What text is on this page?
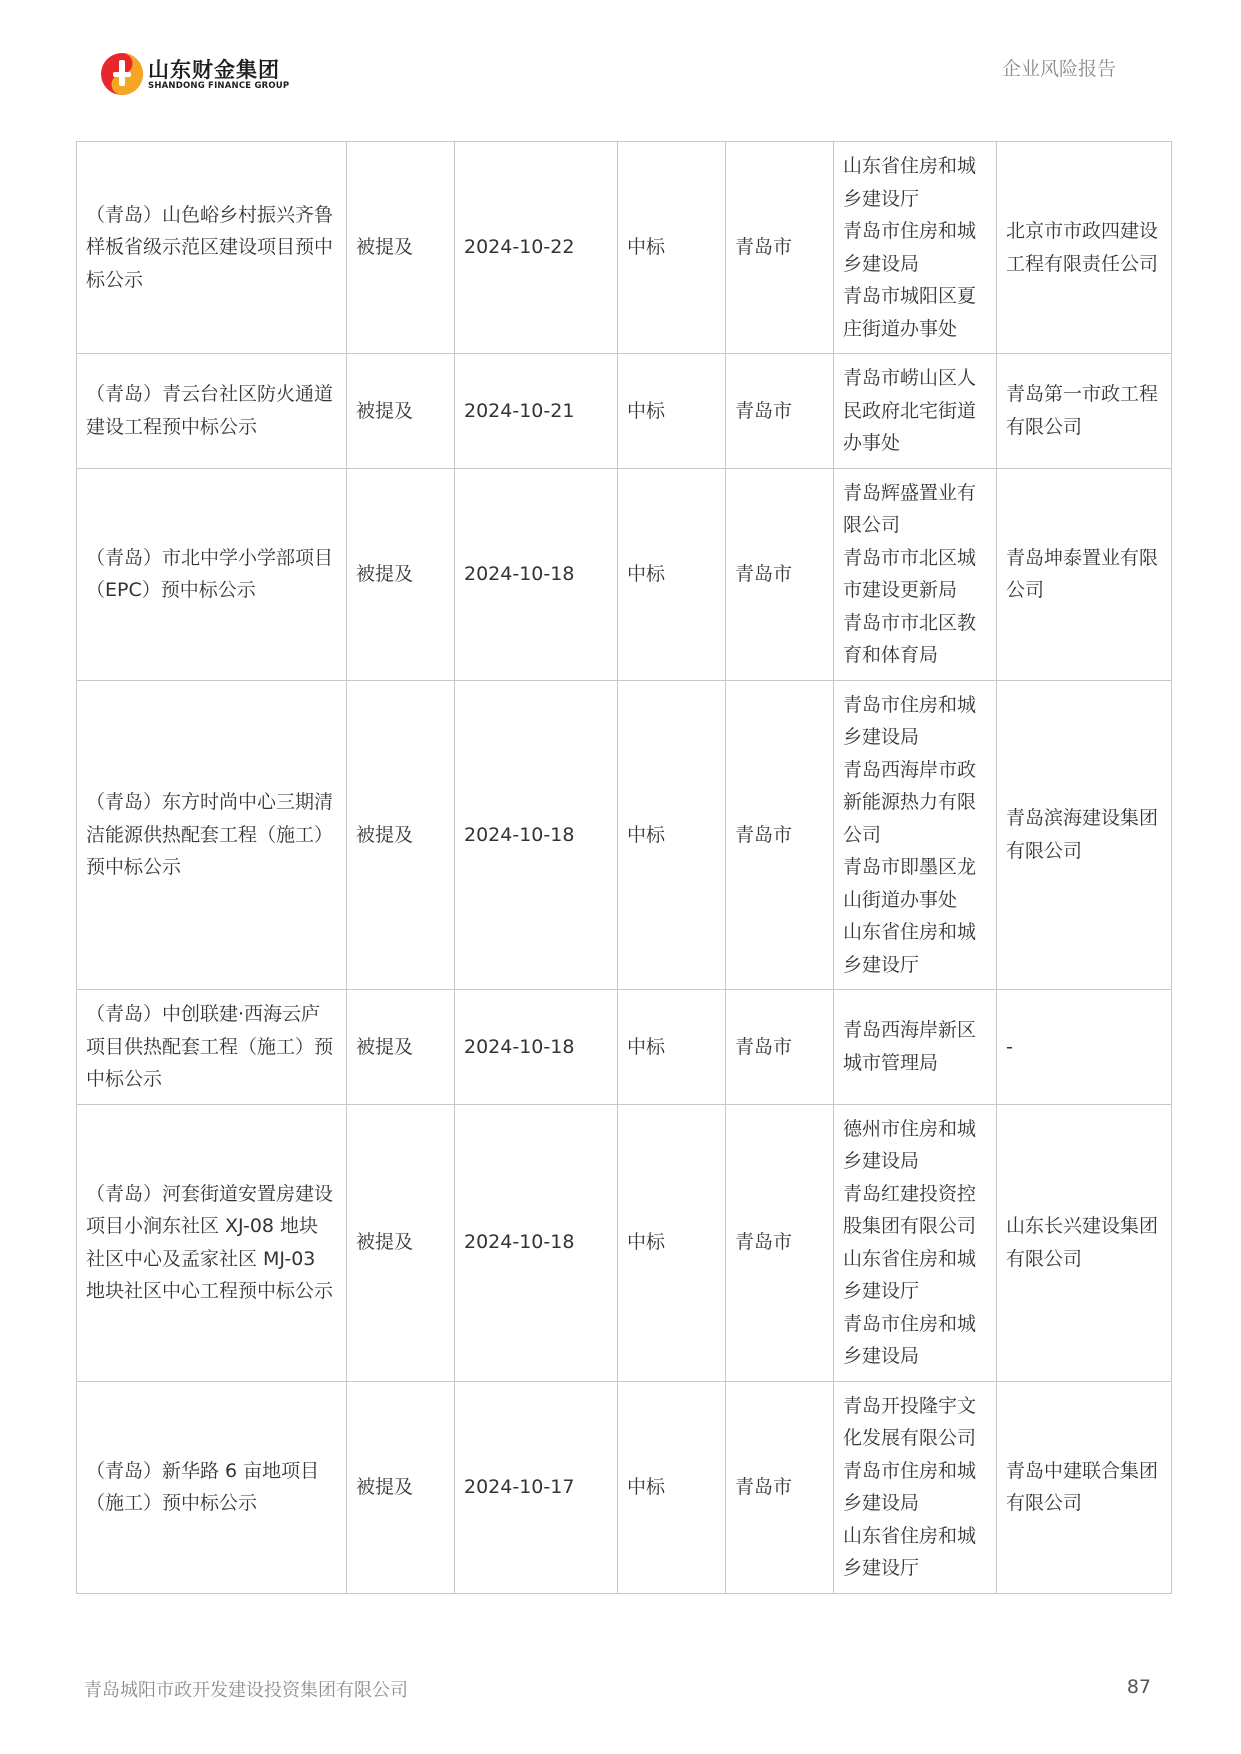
山东财金集团
SHANDONG FINANCE GROUP
企业风险报告
（青岛）山色峪乡村振兴齐鲁样板省级示范区建设项目预中标公示	被提及	2024-10-22	中标	青岛市	山东省住房和城乡建设厅
青岛市住房和城乡建设局
青岛市城阳区夏庄街道办事处	北京市市政四建设工程有限责任公司
（青岛）青云台社区防火通道建设工程预中标公示	被提及	2024-10-21	中标	青岛市	青岛市崂山区人民政府北宅街道办事处	青岛第一市政工程有限公司
（青岛）市北中学小学部项目（EPC）预中标公示	被提及	2024-10-18	中标	青岛市	青岛辉盛置业有限公司
青岛市市北区城市建设更新局
青岛市市北区教育和体育局	青岛坤泰置业有限公司
（青岛）东方时尚中心三期清洁能源供热配套工程（施工）预中标公示	被提及	2024-10-18	中标	青岛市	青岛市住房和城乡建设局
青岛西海岸市政新能源热力有限公司
青岛市即墨区龙山街道办事处
山东省住房和城乡建设厅	青岛滨海建设集团有限公司
（青岛）中创联建·西海云庐项目供热配套工程（施工）预中标公示	被提及	2024-10-18	中标	青岛市	青岛西海岸新区城市管理局	-
（青岛）河套街道安置房建设项目小涧东社区 XJ-08 地块社区中心及孟家社区 MJ-03 地块社区中心工程预中标公示	被提及	2024-10-18	中标	青岛市	德州市住房和城乡建设局
青岛红建投资控股集团有限公司
山东省住房和城乡建设厅
青岛市住房和城乡建设局	山东长兴建设集团有限公司
（青岛）新华路 6 亩地项目（施工）预中标公示	被提及	2024-10-17	中标	青岛市	青岛开投隆宇文化发展有限公司
青岛市住房和城乡建设局
山东省住房和城乡建设厅	青岛中建联合集团有限公司
青岛城阳市政开发建设投资集团有限公司	87
